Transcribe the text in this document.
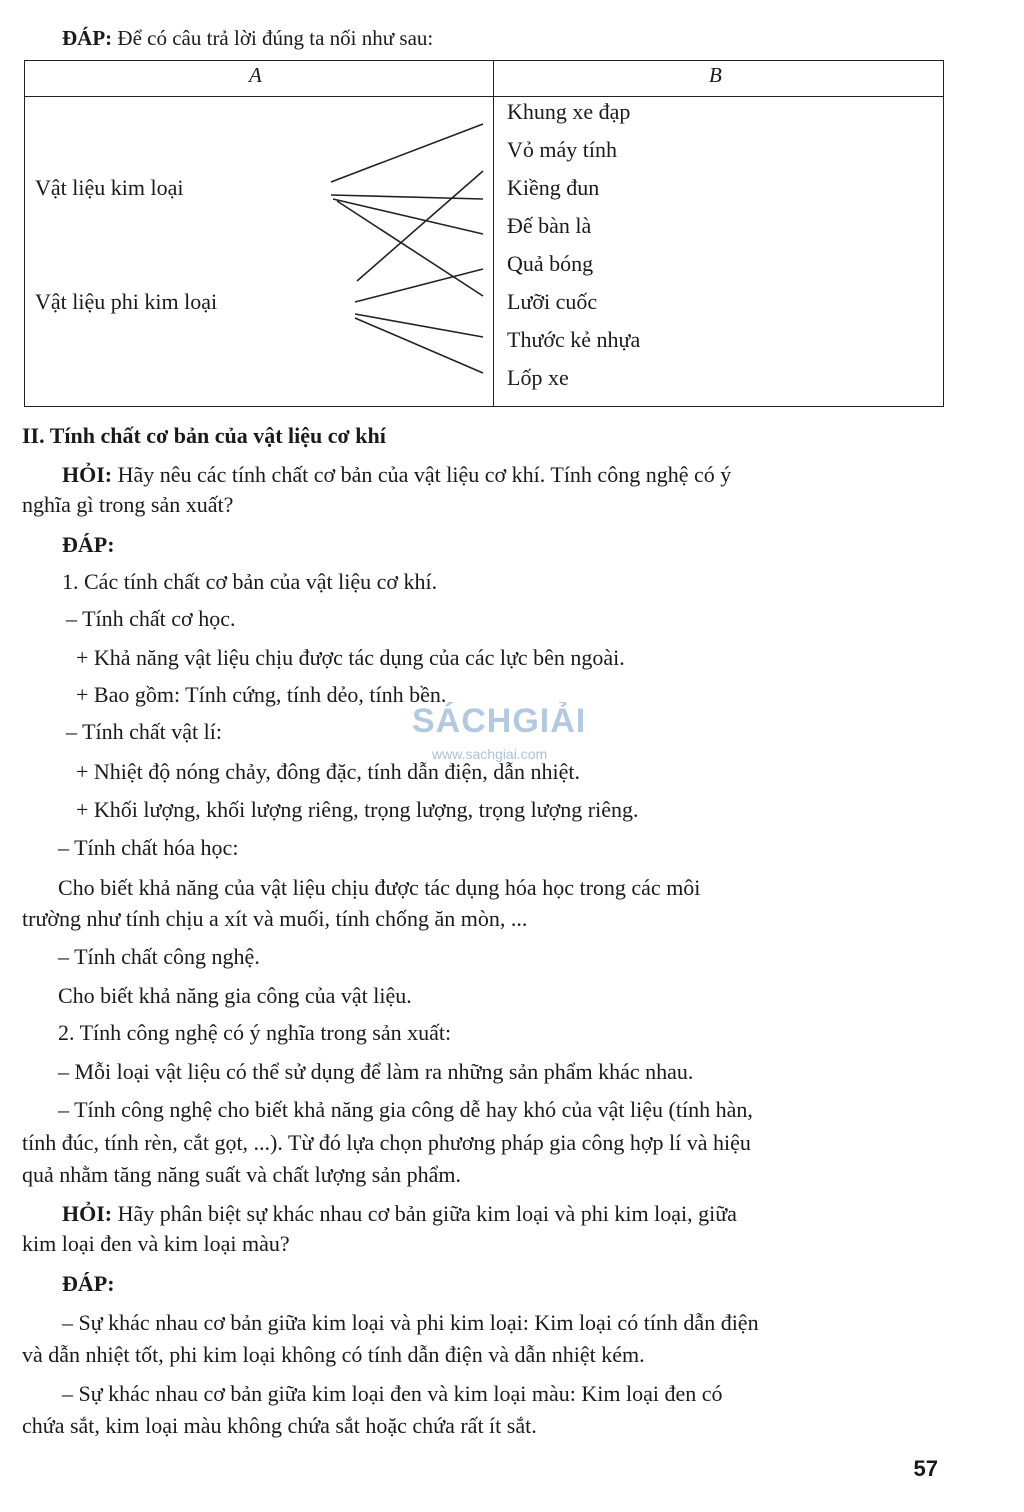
ĐÁP: Để có câu trả lời đúng ta nối như sau:
A	B
Vật liệu kim loại
Vật liệu phi kim loại
Khung xe đạp
Vỏ máy tính
Kiềng đun
Đế bàn là
Quả bóng
Lưỡi cuốc
Thước kẻ nhựa
Lốp xe
II. Tính chất cơ bản của vật liệu cơ khí
HỎI: Hãy nêu các tính chất cơ bản của vật liệu cơ khí. Tính công nghệ có ý
nghĩa gì trong sản xuất?
ĐÁP:
1. Các tính chất cơ bản của vật liệu cơ khí.
– Tính chất cơ học.
+ Khả năng vật liệu chịu được tác dụng của các lực bên ngoài.
+ Bao gồm: Tính cứng, tính dẻo, tính bền.
– Tính chất vật lí:
+ Nhiệt độ nóng chảy, đông đặc, tính dẫn điện, dẫn nhiệt.
+ Khối lượng, khối lượng riêng, trọng lượng, trọng lượng riêng.
– Tính chất hóa học:
Cho biết khả năng của vật liệu chịu được tác dụng hóa học trong các môi
trường như tính chịu a xít và muối, tính chống ăn mòn, ...
– Tính chất công nghệ.
Cho biết khả năng gia công của vật liệu.
2. Tính công nghệ có ý nghĩa trong sản xuất:
– Mỗi loại vật liệu có thể sử dụng để làm ra những sản phẩm khác nhau.
– Tính công nghệ cho biết khả năng gia công dễ hay khó của vật liệu (tính hàn,
tính đúc, tính rèn, cắt gọt, ...). Từ đó lựa chọn phương pháp gia công hợp lí và hiệu
quả nhằm tăng năng suất và chất lượng sản phẩm.
HỎI: Hãy phân biệt sự khác nhau cơ bản giữa kim loại và phi kim loại, giữa
kim loại đen và kim loại màu?
ĐÁP:
– Sự khác nhau cơ bản giữa kim loại và phi kim loại: Kim loại có tính dẫn điện
và dẫn nhiệt tốt, phi kim loại không có tính dẫn điện và dẫn nhiệt kém.
– Sự khác nhau cơ bản giữa kim loại đen và kim loại màu: Kim loại đen có
chứa sắt, kim loại màu không chứa sắt hoặc chứa rất ít sắt.
SÁCHGIẢI
www.sachgiai.com
57
